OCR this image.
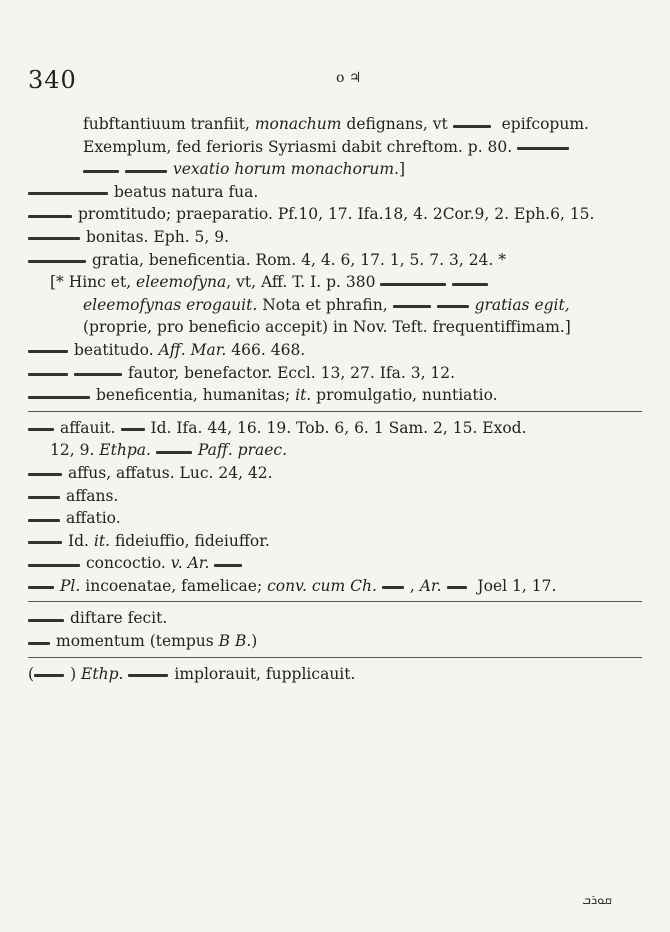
340	ο ♃
fubftantiuum tranfiit, monachum defignans, vt	epifcopum.
Exemplum, fed ferioris Syriasmi dabit chreftom. p. 80.
vexatio horum monachorum.]
beatus natura fua.
promtitudo; praeparatio. Pf.10, 17. Ifa.18, 4. 2Cor.9, 2. Eph.6, 15.
bonitas. Eph. 5, 9.
gratia, beneficentia. Rom. 4, 4. 6, 17. 1, 5. 7. 3, 24. *
[* Hinc et, eleemofyna, vt, Aff. T. I. p. 380
eleemofynas erogauit. Nota et phrafin,	gratias egit,
(proprie, pro beneficio accepit) in Nov. Teft. frequentiffimam.]
beatitudo. Aff. Mar. 466. 468.
fautor, benefactor. Eccl. 13, 27. Ifa. 3, 12.
beneficentia, humanitas; it. promulgatio, nuntiatio.
affauit.
Id. Ifa. 44, 16. 19. Tob. 6, 6. 1 Sam. 2, 15. Exod.
12, 9. Ethpa.	Paff. praec.
affus, affatus. Luc. 24, 42.
affans.
affatio.
Id. it. fideiuffio, fideiuffor.
concoctio. v. Ar.
Pl. incoenatae, famelicae; conv. cum Ch. , Ar.
Joel 1, 17.
diftare fecit.
momentum (tempus B B.)
( ) Ethp.	implorauit, fupplicauit.
ܩܘܪܒ
